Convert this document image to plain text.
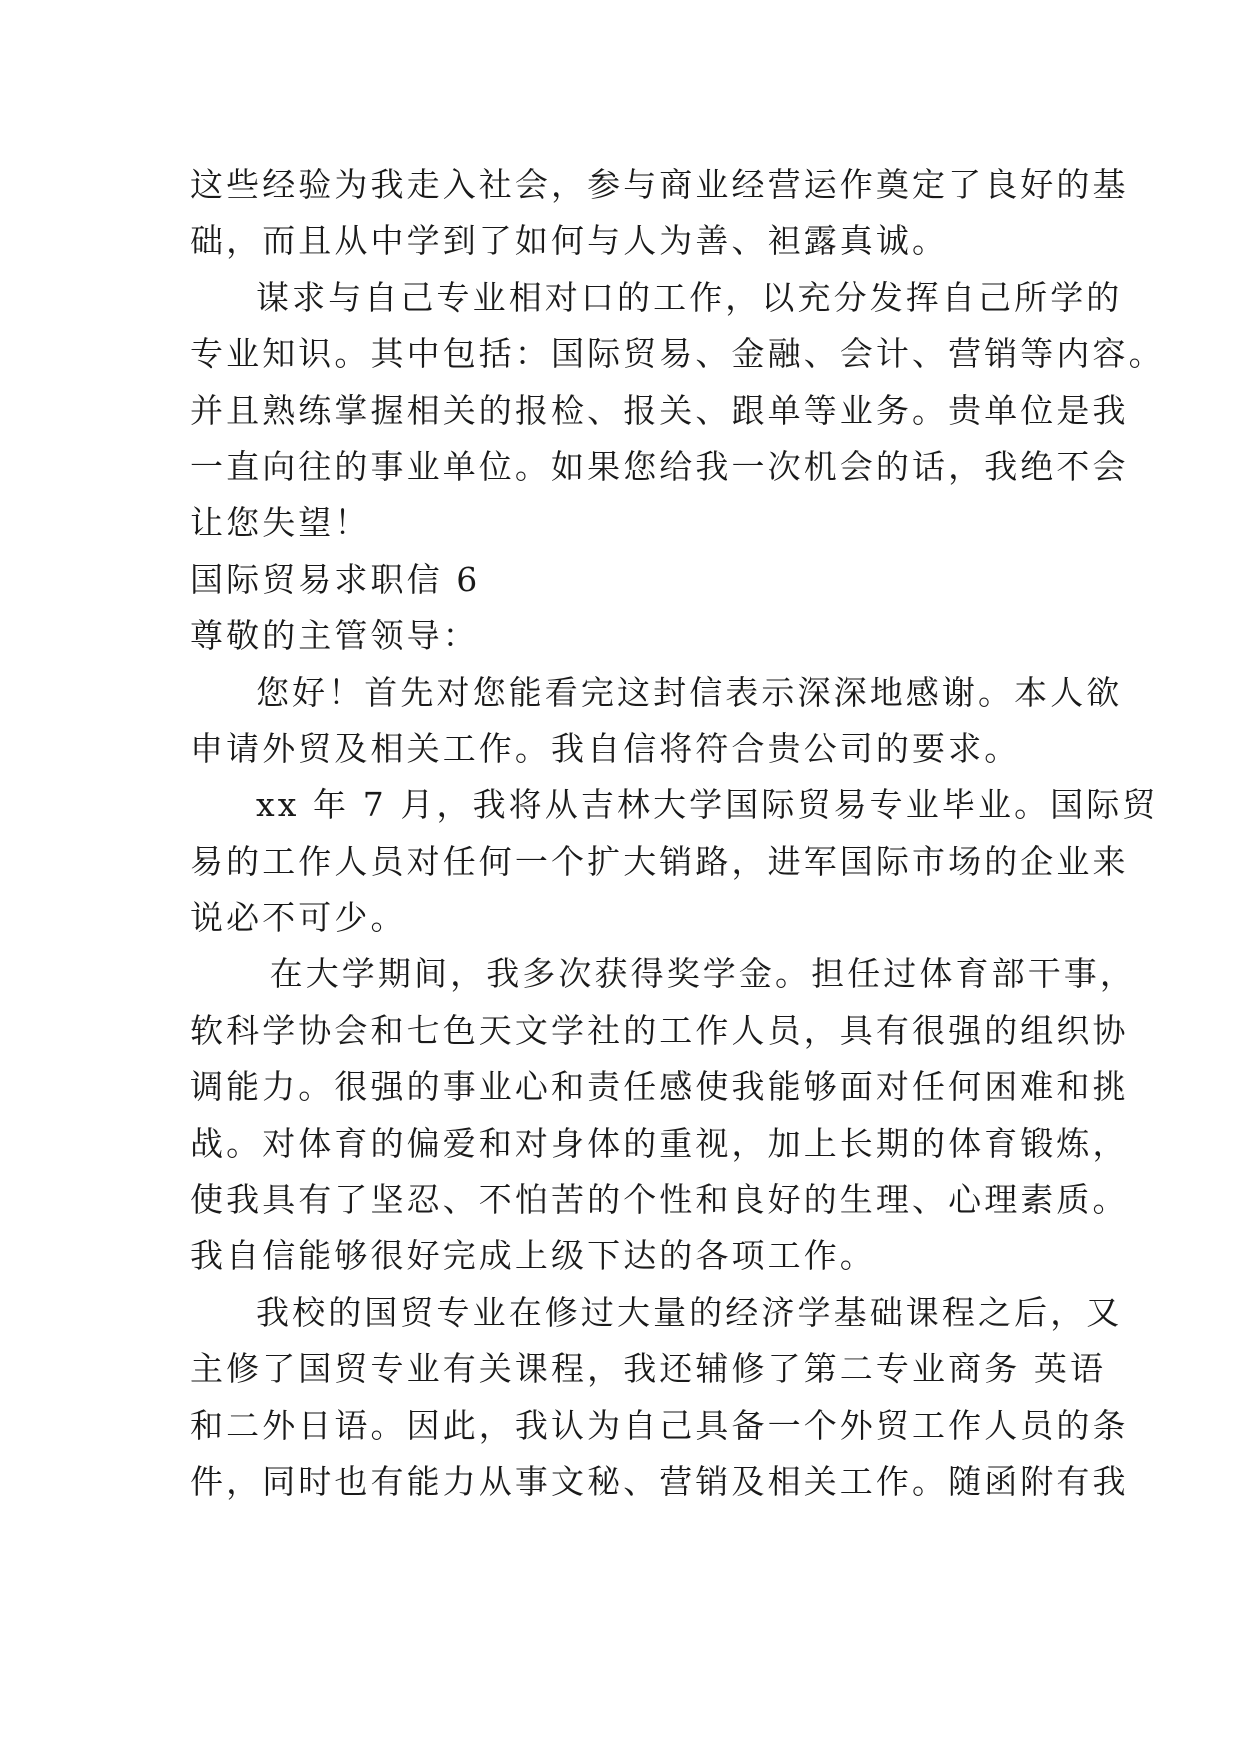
这些经验为我走入社会，参与商业经营运作奠定了良好的基
础，而且从中学到了如何与人为善、袒露真诚。
谋求与自己专业相对口的工作，以充分发挥自己所学的
专业知识。其中包括：国际贸易、金融、会计、营销等内容。
并且熟练掌握相关的报检、报关、跟单等业务。贵单位是我
一直向往的事业单位。如果您给我一次机会的话，我绝不会
让您失望！
国际贸易求职信 6
尊敬的主管领导：
您好！首先对您能看完这封信表示深深地感谢。本人欲
申请外贸及相关工作。我自信将符合贵公司的要求。
xx 年 7 月，我将从吉林大学国际贸易专业毕业。国际贸
易的工作人员对任何一个扩大销路，进军国际市场的企业来
说必不可少。
在大学期间，我多次获得奖学金。担任过体育部干事，
软科学协会和七色天文学社的工作人员，具有很强的组织协
调能力。很强的事业心和责任感使我能够面对任何困难和挑
战。对体育的偏爱和对身体的重视，加上长期的体育锻炼，
使我具有了坚忍、不怕苦的个性和良好的生理、心理素质。
我自信能够很好完成上级下达的各项工作。
我校的国贸专业在修过大量的经济学基础课程之后，又
主修了国贸专业有关课程，我还辅修了第二专业商务 英语
和二外日语。因此，我认为自己具备一个外贸工作人员的条
件，同时也有能力从事文秘、营销及相关工作。随函附有我
